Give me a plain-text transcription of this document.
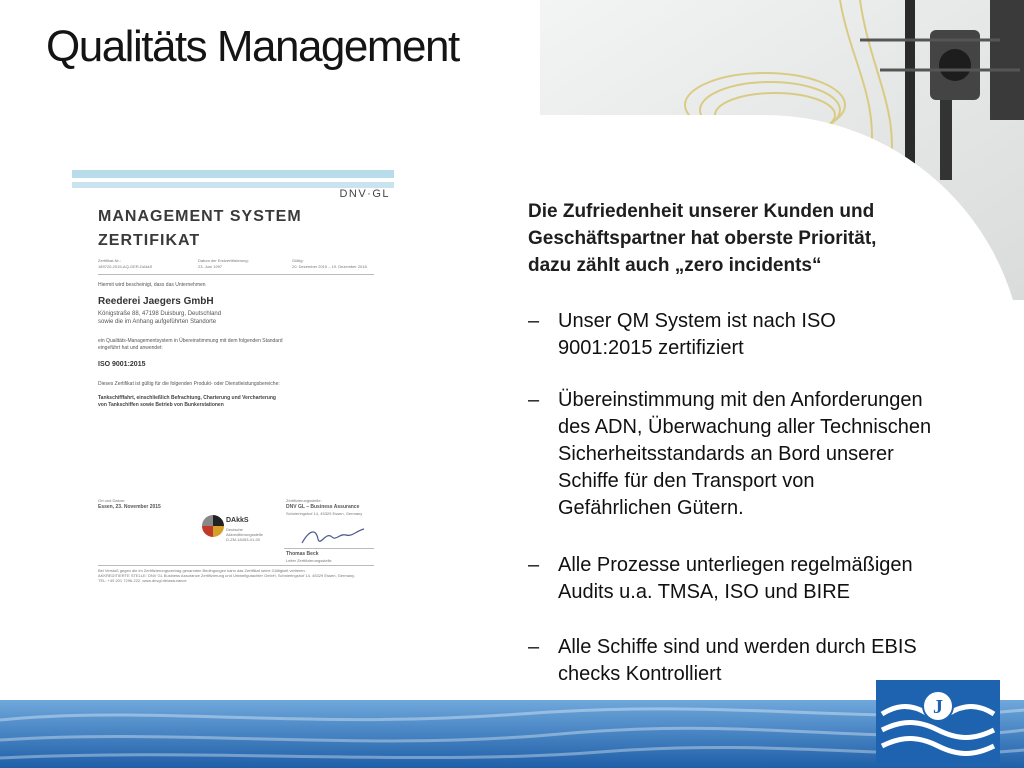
Qualitäts Management
DNV·GL
MANAGEMENT SYSTEM
ZERTIFIKAT
Zertifikat-Nr.:
189720-2015-AQ-GER-DAkkS
Datum der Erstzertifizierung:
23. Juni 1997
Gültig:
20. Dezember 2015 – 19. Dezember 2018
Hiermit wird bescheinigt, dass das Unternehmen
Reederei Jaegers GmbH
Königstraße 88, 47198 Duisburg, Deutschland
sowie die im Anhang aufgeführten Standorte
ein Qualitäts-Managementsystem in Übereinstimmung mit dem folgenden Standard
eingeführt hat und anwendet:
ISO 9001:2015
Dieses Zertifikat ist gültig für die folgenden Produkt- oder Dienstleistungsbereiche:
Tankschifffahrt, einschließlich Befrachtung, Charterung und Vercharterung
von Tankschiffen sowie Betrieb von Bunkerstationen
Ort und Datum:
Essen, 23. November 2015
Zertifizierungsstelle:
DNV GL – Business Assurance
Schnieringshof 14, 45329 Essen, Germany
DAkkS
Deutsche
Akkreditierungsstelle
D-ZM-18453-01-00
Thomas Beck
Leiter Zertifizierungsstelle
Bei Verstoß gegen die im Zertifizierungsvertrag genannten Bedingungen kann das Zertifikat seine Gültigkeit verlieren.
AKKREDITIERTE STELLE: DNV GL Business Assurance Zertifizierung und Umweltgutachter GmbH, Schnieringshof 14, 45329 Essen, Germany.
TEL: +49 201 7296-222. www.dnvgl.de/assurance
Die Zufriedenheit unserer Kunden und
Geschäftspartner hat oberste Priorität,
dazu zählt auch „zero incidents“
– Unser QM System ist nach ISO
9001:2015 zertifiziert
– Übereinstimmung mit den Anforderungen
des ADN, Überwachung aller Technischen
Sicherheitsstandards an Bord unserer
Schiffe für den Transport von
Gefährlichen Gütern.
– Alle Prozesse unterliegen regelmäßigen
Audits u.a. TMSA, ISO und BIRE
– Alle Schiffe sind und werden durch EBIS
checks Kontrolliert
J
